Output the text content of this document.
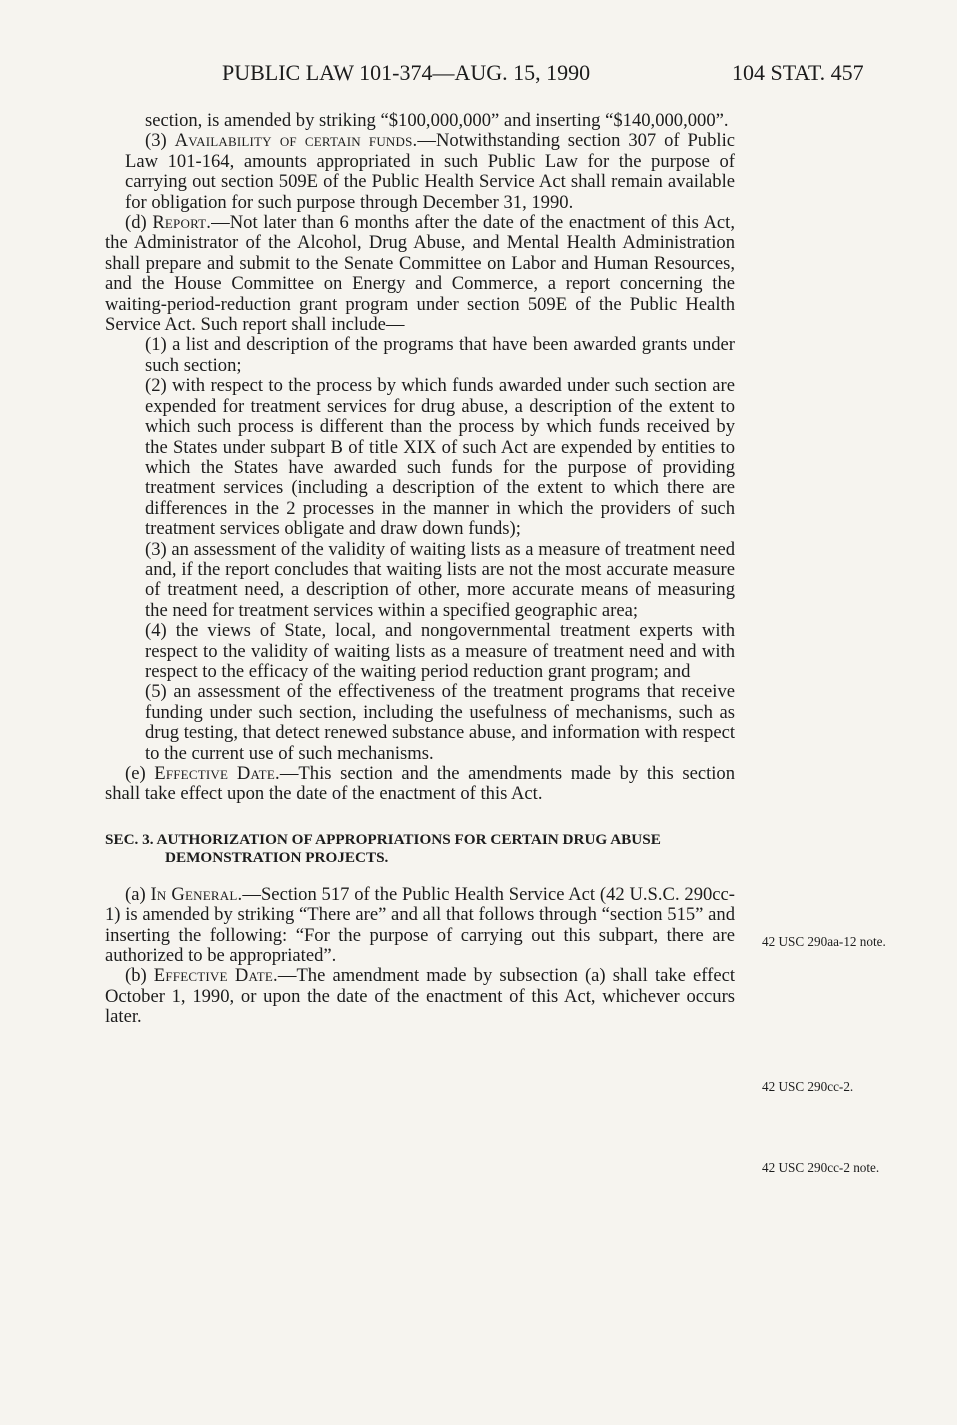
PUBLIC LAW 101-374—AUG. 15, 1990	104 STAT. 457

section, is amended by striking “$100,000,000” and inserting “$140,000,000”.

(3) Availability of certain funds.—Notwithstanding section 307 of Public Law 101-164, amounts appropriated in such Public Law for the purpose of carrying out section 509E of the Public Health Service Act shall remain available for obligation for such purpose through December 31, 1990.

(d) Report.—Not later than 6 months after the date of the enactment of this Act, the Administrator of the Alcohol, Drug Abuse, and Mental Health Administration shall prepare and submit to the Senate Committee on Labor and Human Resources, and the House Committee on Energy and Commerce, a report concerning the waiting-period-reduction grant program under section 509E of the Public Health Service Act. Such report shall include—

(1) a list and description of the programs that have been awarded grants under such section;

(2) with respect to the process by which funds awarded under such section are expended for treatment services for drug abuse, a description of the extent to which such process is different than the process by which funds received by the States under subpart B of title XIX of such Act are expended by entities to which the States have awarded such funds for the purpose of providing treatment services (including a description of the extent to which there are differences in the 2 processes in the manner in which the providers of such treatment services obligate and draw down funds);

(3) an assessment of the validity of waiting lists as a measure of treatment need and, if the report concludes that waiting lists are not the most accurate measure of treatment need, a description of other, more accurate means of measuring the need for treatment services within a specified geographic area;

(4) the views of State, local, and nongovernmental treatment experts with respect to the validity of waiting lists as a measure of treatment need and with respect to the efficacy of the waiting period reduction grant program; and

(5) an assessment of the effectiveness of the treatment programs that receive funding under such section, including the usefulness of mechanisms, such as drug testing, that detect renewed substance abuse, and information with respect to the current use of such mechanisms.

(e) Effective Date.—This section and the amendments made by this section shall take effect upon the date of the enactment of this Act.

SEC. 3. AUTHORIZATION OF APPROPRIATIONS FOR CERTAIN DRUG ABUSE DEMONSTRATION PROJECTS.

(a) In General.—Section 517 of the Public Health Service Act (42 U.S.C. 290cc-1) is amended by striking “There are” and all that follows through “section 515” and inserting the following: “For the purpose of carrying out this subpart, there are authorized to be appropriated”.

(b) Effective Date.—The amendment made by subsection (a) shall take effect October 1, 1990, or upon the date of the enactment of this Act, whichever occurs later.

42 USC 290aa-12 note.
42 USC 290cc-2.
42 USC 290cc-2 note.
